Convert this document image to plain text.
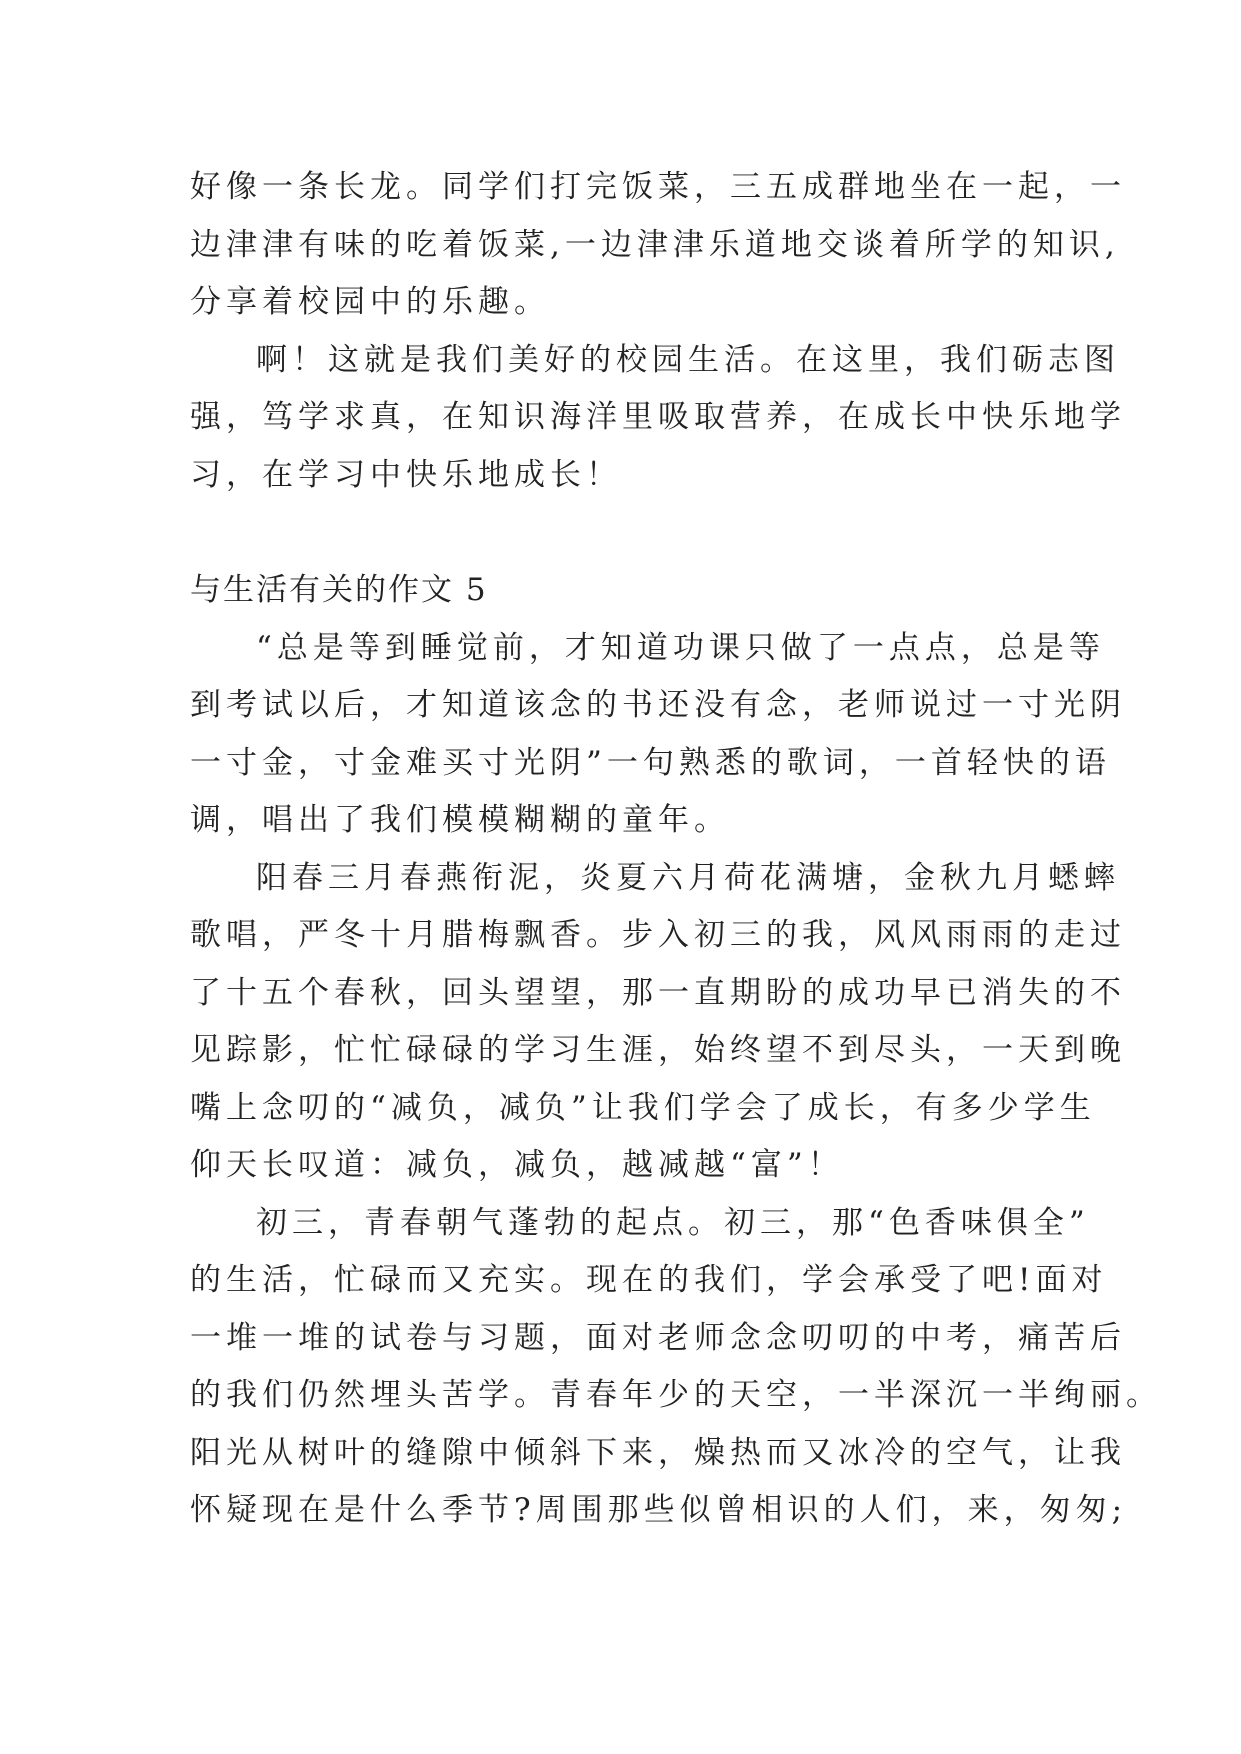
好像一条长龙。同学们打完饭菜，三五成群地坐在一起，一
边津津有味的吃着饭菜,一边津津乐道地交谈着所学的知识,
分享着校园中的乐趣。
啊！这就是我们美好的校园生活。在这里，我们砺志图
强，笃学求真，在知识海洋里吸取营养，在成长中快乐地学
习，在学习中快乐地成长！
与生活有关的作文 5
“总是等到睡觉前，才知道功课只做了一点点，总是等
到考试以后，才知道该念的书还没有念，老师说过一寸光阴
一寸金，寸金难买寸光阴”一句熟悉的歌词，一首轻快的语
调，唱出了我们模模糊糊的童年。
阳春三月春燕衔泥，炎夏六月荷花满塘，金秋九月蟋蟀
歌唱，严冬十月腊梅飘香。步入初三的我，风风雨雨的走过
了十五个春秋，回头望望，那一直期盼的成功早已消失的不
见踪影，忙忙碌碌的学习生涯，始终望不到尽头，一天到晚
嘴上念叨的“减负，减负”让我们学会了成长，有多少学生
仰天长叹道：减负，减负，越减越“富”！
初三，青春朝气蓬勃的起点。初三，那“色香味俱全”
的生活，忙碌而又充实。现在的我们，学会承受了吧!面对
一堆一堆的试卷与习题，面对老师念念叨叨的中考，痛苦后
的我们仍然埋头苦学。青春年少的天空，一半深沉一半绚丽。
阳光从树叶的缝隙中倾斜下来，燥热而又冰冷的空气，让我
怀疑现在是什么季节?周围那些似曾相识的人们，来，匆匆;
